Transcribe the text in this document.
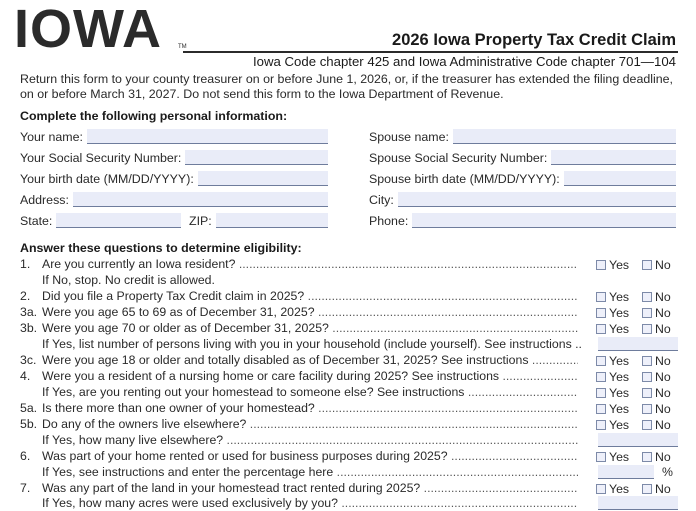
IOWA	TM	2026 Iowa Property Tax Credit Claim
Iowa Code chapter 425 and Iowa Administrative Code chapter 701—104
Return this form to your county treasurer on or before June 1, 2026, or, if the treasurer has extended the filing deadline, on or before March 31, 2027. Do not send this form to the Iowa Department of Revenue.
Complete the following personal information:
Your name:	Spouse name:
Your Social Security Number:	Spouse Social Security Number:
Your birth date (MM/DD/YYYY):	Spouse birth date (MM/DD/YYYY):
Address:	City:
State:	ZIP:	Phone:
Answer these questions to determine eligibility:
1. Are you currently an Iowa resident? .....	Yes No
If No, stop. No credit is allowed.
2. Did you file a Property Tax Credit claim in 2025? .....	Yes No
3a. Were you age 65 to 69 as of December 31, 2025? .....	Yes No
3b. Were you age 70 or older as of December 31, 2025? .....	Yes No
If Yes, list number of persons living with you in your household (include yourself). See instructions ..
3c. Were you age 18 or older and totally disabled as of December 31, 2025? See instructions .....	Yes No
4. Were you a resident of a nursing home or care facility during 2025? See instructions .....	Yes No
If Yes, are you renting out your homestead to someone else? See instructions .....	Yes No
5a. Is there more than one owner of your homestead? .....	Yes No
5b. Do any of the owners live elsewhere? .....	Yes No
If Yes, how many live elsewhere? .....
6. Was part of your home rented or used for business purposes during 2025? .....	Yes No
If Yes, see instructions and enter the percentage here .....	%
7. Was any part of the land in your homestead tract rented during 2025? .....	Yes No
If Yes, how many acres were used exclusively by you? .....
